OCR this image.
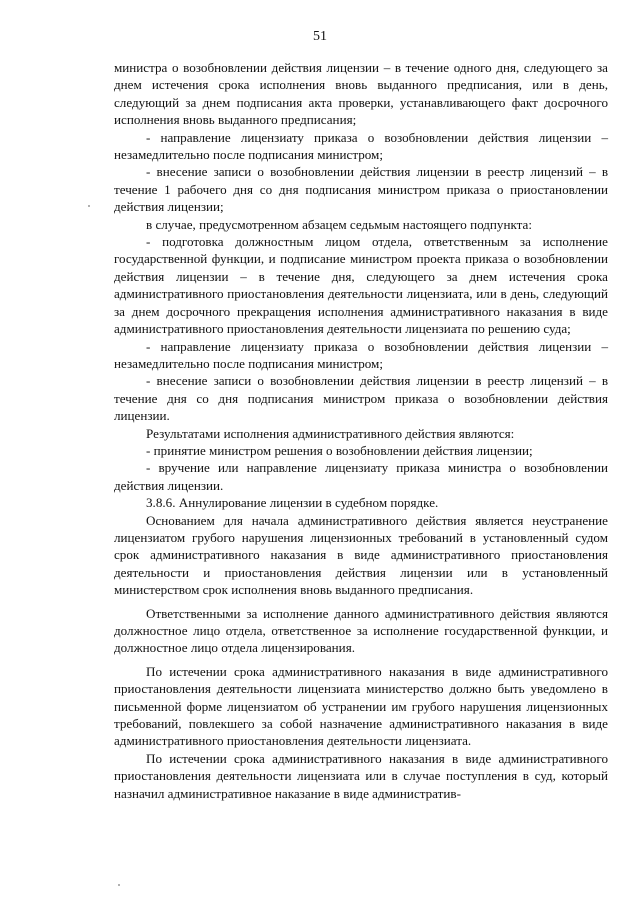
51

министра о возобновлении действия лицензии – в течение одного дня, следующего за днем истечения срока исполнения вновь выданного предписания, или в день, следующий за днем подписания акта проверки, устанавливающего факт досрочного исполнения вновь выданного предписания;

- направление лицензиату приказа о возобновлении действия лицензии – незамедлительно после подписания министром;

- внесение записи о возобновлении действия лицензии в реестр лицензий – в течение 1 рабочего дня со дня подписания министром приказа о приостановлении действия лицензии;

в случае, предусмотренном абзацем седьмым настоящего подпункта:

- подготовка должностным лицом отдела, ответственным за исполнение государственной функции, и подписание министром проекта приказа о возобновлении действия лицензии – в течение дня, следующего за днем истечения срока административного приостановления деятельности лицензиата, или в день, следующий за днем досрочного прекращения исполнения административного наказания в виде административного приостановления деятельности лицензиата по решению суда;

- направление лицензиату приказа о возобновлении действия лицензии – незамедлительно после подписания министром;

- внесение записи о возобновлении действия лицензии в реестр лицензий – в течение дня со дня подписания министром приказа о возобновлении действия лицензии.

Результатами исполнения административного действия являются:

- принятие министром решения о возобновлении действия лицензии;

- вручение или направление лицензиату приказа министра о возобновлении действия лицензии.

3.8.6. Аннулирование лицензии в судебном порядке.

Основанием для начала административного действия является неустранение лицензиатом грубого нарушения лицензионных требований в установленный судом срок административного наказания в виде административного приостановления деятельности и приостановления действия лицензии или в установленный министерством срок исполнения вновь выданного предписания.

Ответственными за исполнение данного административного действия являются должностное лицо отдела, ответственное за исполнение государственной функции, и должностное лицо отдела лицензирования.

По истечении срока административного наказания в виде административного приостановления деятельности лицензиата министерство должно быть уведомлено в письменной форме лицензиатом об устранении им грубого нарушения лицензионных требований, повлекшего за собой назначение административного наказания в виде административного приостановления деятельности лицензиата.

По истечении срока административного наказания в виде административного приостановления деятельности лицензиата или в случае поступления в суд, который назначил административное наказание в виде административ-
